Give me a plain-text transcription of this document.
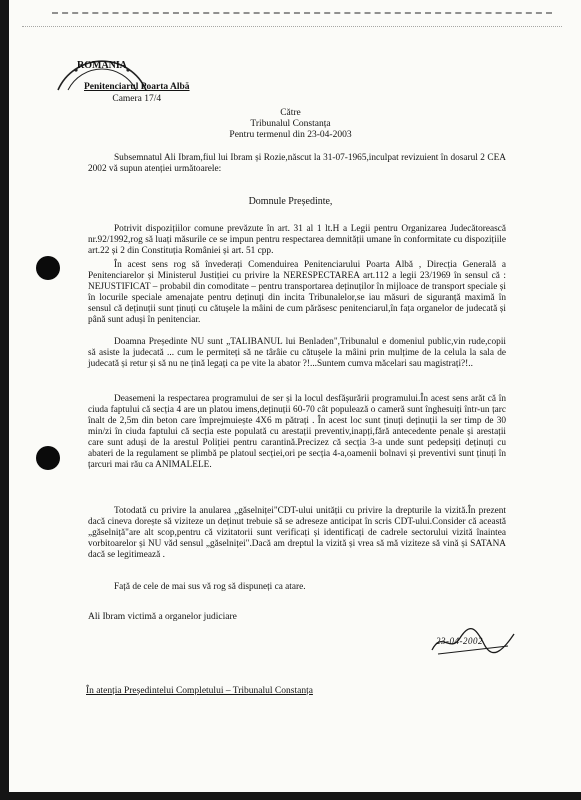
ROMANIA
Penitenciarul Poarta Albă
Camera 17/4
Către
Tribunalul Constanța
Pentru termenul din 23-04-2003
Subsemnatul Ali Ibram,fiul lui Ibram și Rozie,născut la 31-07-1965,inculpat revizuient în dosarul 2 CEA 2002 vă supun atenției următoarele:
Domnule Președinte,
Potrivit dispozițiilor comune prevăzute în art. 31 al 1 lt.H a Legii pentru Organizarea Judecătorească nr.92/1992,rog să luați măsurile ce se impun pentru respectarea demnității umane în conformitate cu dispozițiile art.22 și 2 din Constituția României și art. 51 cpp.
În acest sens rog să învederați Comenduirea Penitenciarului Poarta Albă , Direcția Generală a Penitenciarelor și Ministerul Justiției cu privire la NERESPECTAREA art.112 a legii 23/1969 în sensul că : NEJUSTIFICAT – probabil din comoditate – pentru transportarea deținuților în mijloace de transport speciale și în locurile speciale amenajate pentru deținuți din incita Tribunalelor,se iau măsuri de siguranță maximă în sensul că deținuții sunt ținuți cu cătușele la mâini de cum părăsesc penitenciarul,în fața organelor de judecată și până sunt aduși în penitenciar.
Doamna Președinte NU sunt „TALIBANUL lui Benladen",Tribunalul e domeniul public,vin rude,copii să asiste la judecată ... cum le permiteți să ne târâie cu cătușele la mâini prin mulțime de la celula la sala de judecată și retur și să nu ne țină legați ca pe vite la abator ?!...Suntem cumva măcelari sau magistrați?!..
Deasemeni la respectarea programului de ser și la locul desfășurării programului.În acest sens arăt că în ciuda faptului că secția 4 are un platou imens,deținuții 60-70 cât populează o cameră sunt înghesuiți într-un țarc înalt de 2,5m din beton care împrejmuiește 4X6 m pătrați . În acest loc sunt ținuți deținuții la ser timp de 30 min/zi în ciuda faptului că secția este populată cu arestații preventiv,inapți,fără antecedente penale și arestații care sunt aduși de la arestul Poliției pentru carantină.Precizez că secția 3-a unde sunt pedepsiți deținuți cu abateri de la regulament se plimbă pe platoul secției,ori pe secția 4-a,oamenii bolnavi și preventivi sunt ținuți în țarcuri mai rău ca ANIMALELE.
Totodată cu privire la anularea „găselniței"CDT-ului unității cu privire la drepturile la vizită.În prezent dacă cineva dorește să viziteze un deținut trebuie să se adreseze anticipat în scris CDT-ului.Consider că această „găselniță"are alt scop,pentru că vizitatorii sunt verificați și identificați de cadrele sectorului vizită înaintea vorbitoarelor și NU văd sensul „găselniței".Dacă am dreptul la vizită și vrea să mă viziteze să vină și SATANA dacă se legitimează .
Față de cele de mai sus vă rog să dispuneți ca atare.
Ali Ibram victimă a organelor judiciare
23-04-2002
În atenția Președintelui Completului – Tribunalul Constanța
